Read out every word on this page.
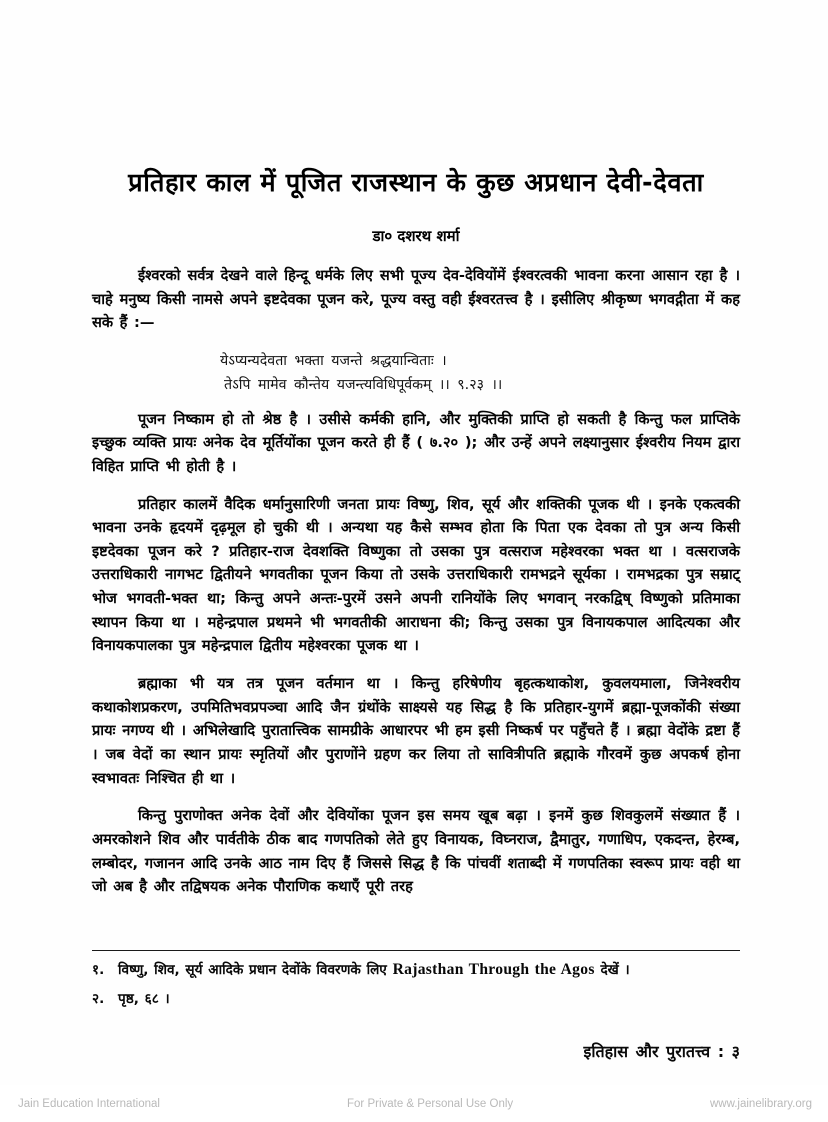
प्रतिहार काल में पूजित राजस्थान के कुछ अप्रधान देवी-देवता
डा० दशरथ शर्मा

ईश्वरको सर्वत्र देखने वाले हिन्दू धर्मके लिए सभी पूज्य देव-देवियोंमें ईश्वरत्वकी भावना करना आसान रहा है । चाहे मनुष्य किसी नामसे अपने इष्टदेवका पूजन करे, पूज्य वस्तु वही ईश्वरतत्त्व है । इसीलिए श्रीकृष्ण भगवद्गीता में कह सके हैं :—

येऽप्यन्यदेवता भक्ता यजन्ते श्रद्धयान्विताः ।
तेऽपि मामेव कौन्तेय यजन्त्यविधिपूर्वकम् ।। ९.२३ ।।

पूजन निष्काम हो तो श्रेष्ठ है । उसीसे कर्मकी हानि, और मुक्तिकी प्राप्ति हो सकती है किन्तु फल प्राप्तिके इच्छुक व्यक्ति प्रायः अनेक देव मूर्तियोंका पूजन करते ही हैं ( ७.२० ); और उन्हें अपने लक्ष्यानुसार ईश्वरीय नियम द्वारा विहित प्राप्ति भी होती है ।

प्रतिहार कालमें वैदिक धर्मानुसारिणी जनता प्रायः विष्णु, शिव, सूर्य और शक्तिकी पूजक थी । इनके एकत्वकी भावना उनके हृदयमें दृढ़मूल हो चुकी थी । अन्यथा यह कैसे सम्भव होता कि पिता एक देवका तो पुत्र अन्य किसी इष्टदेवका पूजन करे ? प्रतिहार-राज देवशक्ति विष्णुका तो उसका पुत्र वत्सराज महेश्वरका भक्त था । वत्सराजके उत्तराधिकारी नागभट द्वितीयने भगवतीका पूजन किया तो उसके उत्तराधिकारी रामभद्रने सूर्यका । रामभद्रका पुत्र सम्राट् भोज भगवती-भक्त था; किन्तु अपने अन्तः-पुरमें उसने अपनी रानियोंके लिए भगवान् नरकद्विष् विष्णुको प्रतिमाका स्थापन किया था । महेन्द्रपाल प्रथमने भी भगवतीकी आराधना की; किन्तु उसका पुत्र विनायकपाल आदित्यका और विनायकपालका पुत्र महेन्द्रपाल द्वितीय महेश्वरका पूजक था ।

ब्रह्माका भी यत्र तत्र पूजन वर्तमान था । किन्तु हरिषेणीय बृहत्कथाकोश, कुवलयमाला, जिनेश्वरीय कथाकोशप्रकरण, उपमितिभवप्रपञ्चा आदि जैन ग्रंथोंके साक्ष्यसे यह सिद्ध है कि प्रतिहार-युगमें ब्रह्मा-पूजकोंकी संख्या प्रायः नगण्य थी । अभिलेखादि पुरातात्त्विक सामग्रीके आधारपर भी हम इसी निष्कर्ष पर पहुँचते हैं । ब्रह्मा वेदोंके द्रष्टा हैं । जब वेदों का स्थान प्रायः स्मृतियों और पुराणोंने ग्रहण कर लिया तो सावित्रीपति ब्रह्माके गौरवमें कुछ अपकर्ष होना स्वभावतः निश्चित ही था ।

किन्तु पुराणोक्त अनेक देवों और देवियोंका पूजन इस समय खूब बढ़ा । इनमें कुछ शिवकुलमें संख्यात हैं । अमरकोशने शिव और पार्वतीके ठीक बाद गणपतिको लेते हुए विनायक, विघ्नराज, द्वैमातुर, गणाधिप, एकदन्त, हेरम्ब, लम्बोदर, गजानन आदि उनके आठ नाम दिए हैं जिससे सिद्ध है कि पांचवीं शताब्दी में गणपतिका स्वरूप प्रायः वही था जो अब है और तद्विषयक अनेक पौराणिक कथाएँ पूरी तरह

१. विष्णु, शिव, सूर्य आदिके प्रधान देवोंके विवरणके लिए Rajasthan Through the Agos देखें ।
२. पृष्ठ, ६८ ।
इतिहास और पुरातत्त्व : ३
Jain Education International	For Private & Personal Use Only	www.jainelibrary.org
